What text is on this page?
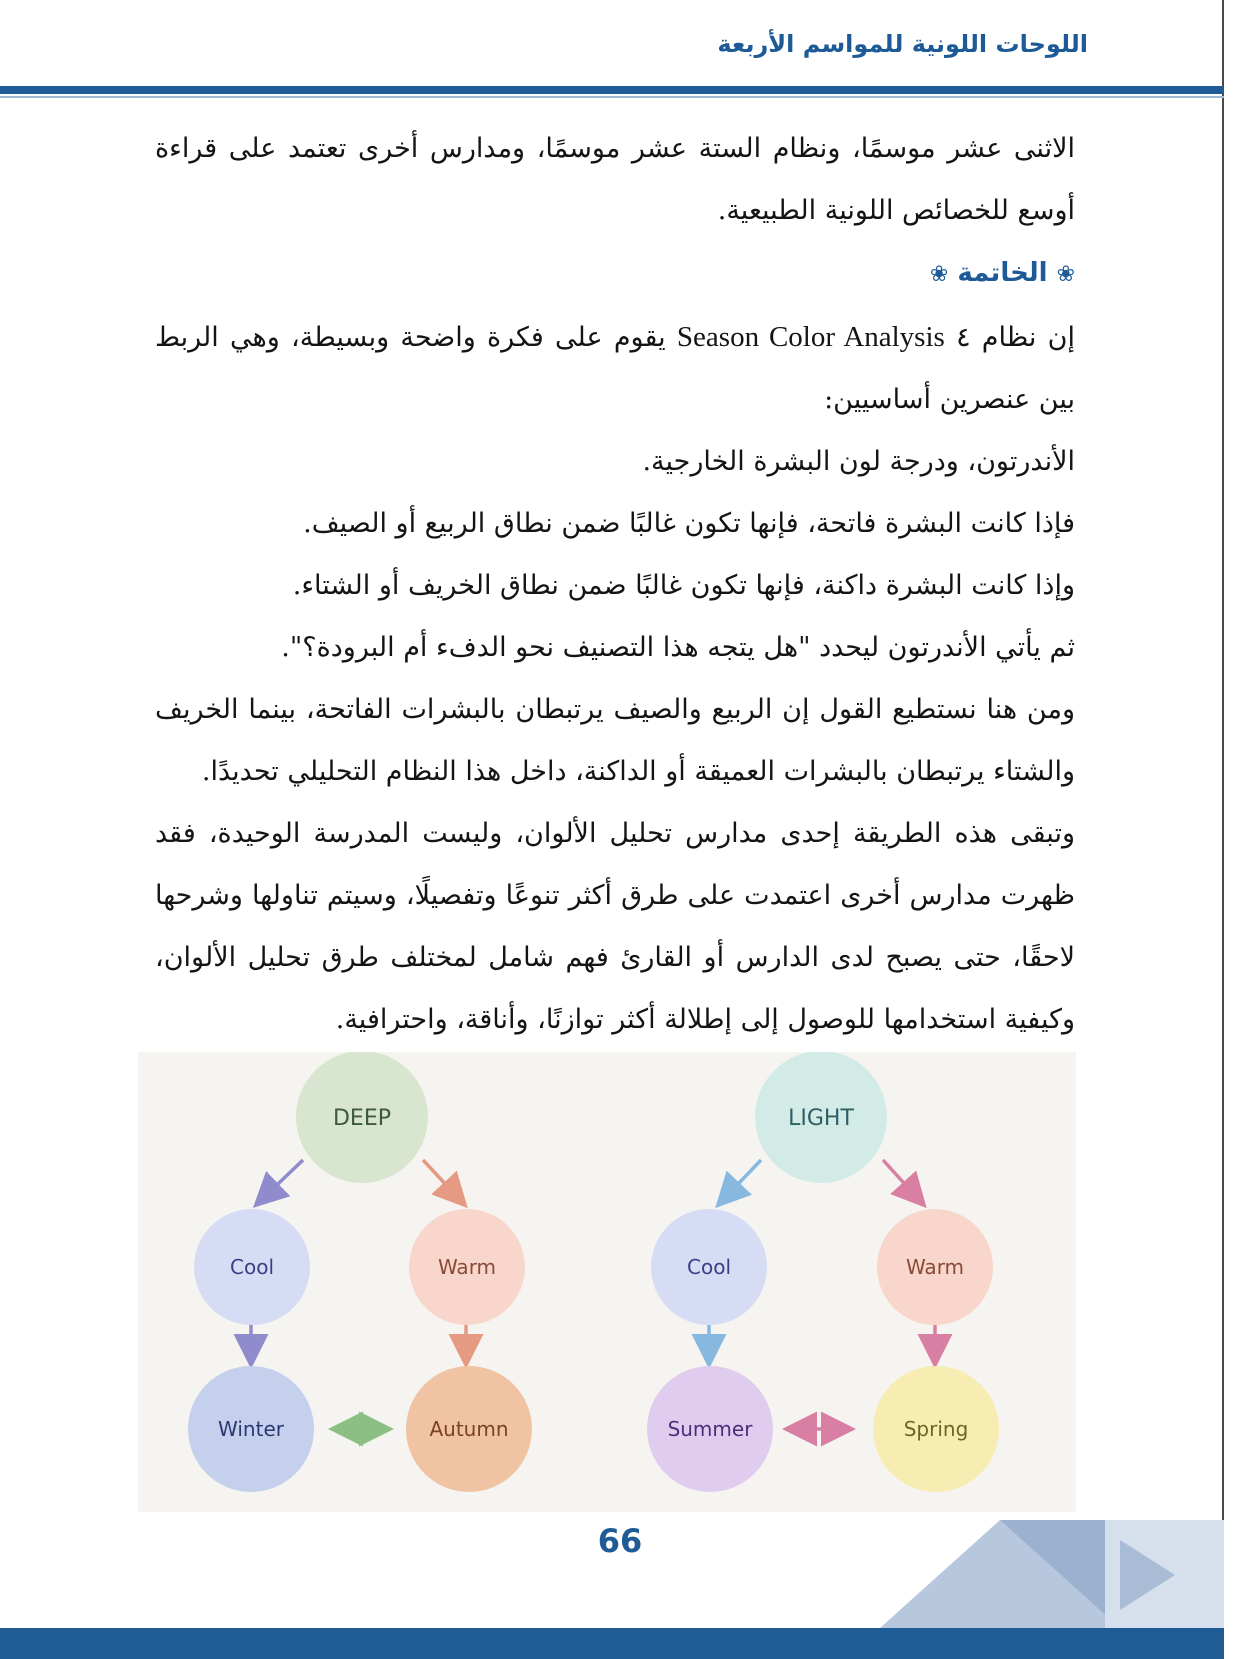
اللوحات اللونية للمواسم الأربعة

الاثنى عشر موسمًا، ونظام الستة عشر موسمًا، ومدارس أخرى تعتمد على قراءة أوسع للخصائص اللونية الطبيعية.

❀ الخاتمة ❀

إن نظام ٤ Season Color Analysis يقوم على فكرة واضحة وبسيطة، وهي الربط بين عنصرين أساسيين:

الأندرتون، ودرجة لون البشرة الخارجية.

فإذا كانت البشرة فاتحة، فإنها تكون غالبًا ضمن نطاق الربيع أو الصيف.

وإذا كانت البشرة داكنة، فإنها تكون غالبًا ضمن نطاق الخريف أو الشتاء.

ثم يأتي الأندرتون ليحدد "هل يتجه هذا التصنيف نحو الدفء أم البرودة؟".

ومن هنا نستطيع القول إن الربيع والصيف يرتبطان بالبشرات الفاتحة، بينما الخريف والشتاء يرتبطان بالبشرات العميقة أو الداكنة، داخل هذا النظام التحليلي تحديدًا.

وتبقى هذه الطريقة إحدى مدارس تحليل الألوان، وليست المدرسة الوحيدة، فقد ظهرت مدارس أخرى اعتمدت على طرق أكثر تنوعًا وتفصيلًا، وسيتم تناولها وشرحها لاحقًا، حتى يصبح لدى الدارس أو القارئ فهم شامل لمختلف طرق تحليل الألوان، وكيفية استخدامها للوصول إلى إطلالة أكثر توازنًا، وأناقة، واحترافية.

DEEP
Cool	Warm
Winter	Autumn
LIGHT
Cool	Warm
Summer	Spring
66
